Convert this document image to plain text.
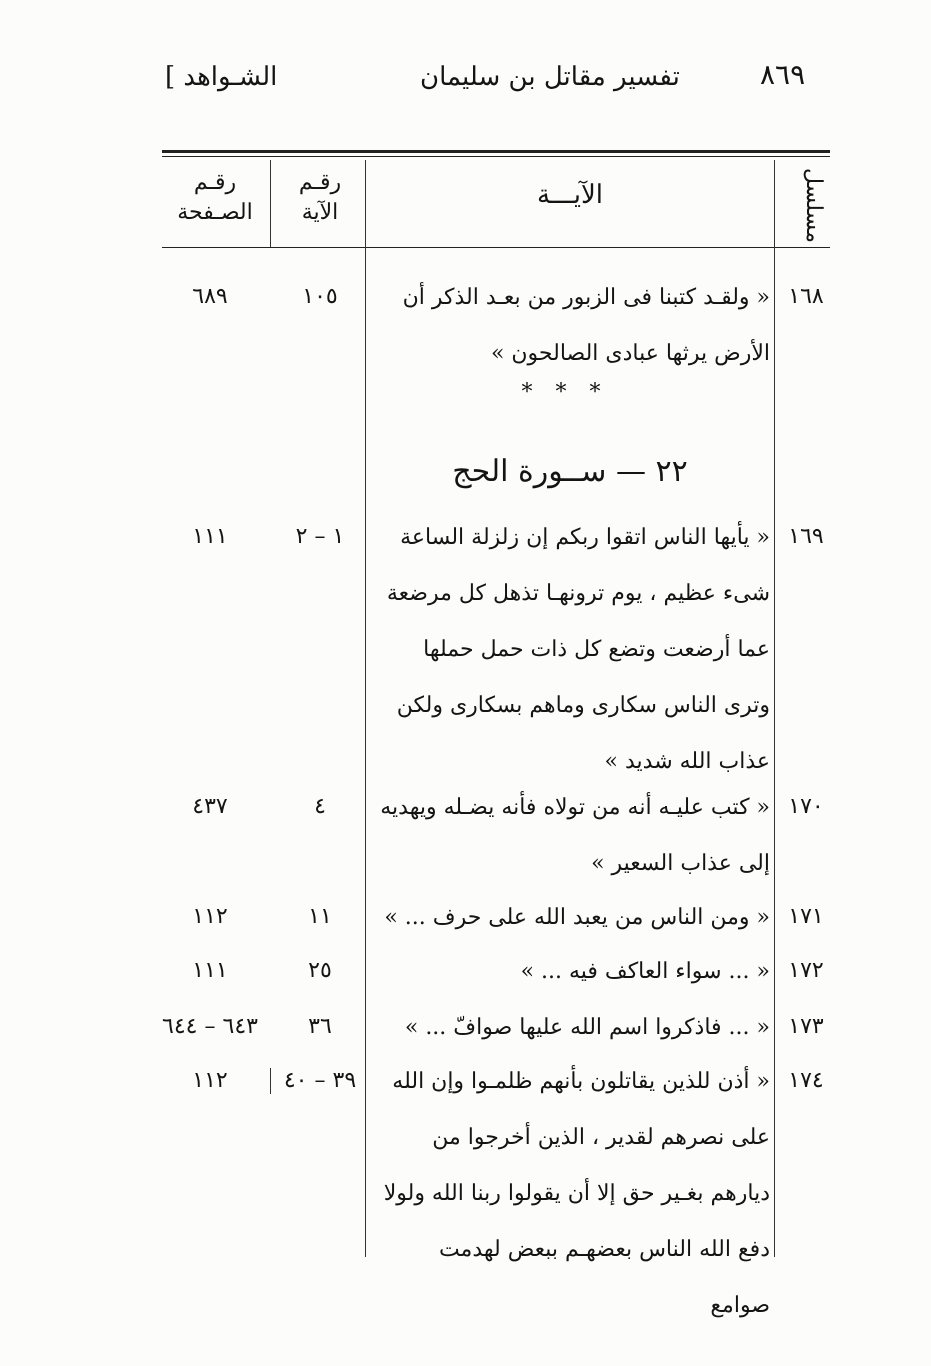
٨٦٩
تفسير مقاتل بن سليمان
[ الشـواهد
مسلسل
الآيـــة
رقـم الآية
رقـم الصـفحة
١٦٨
« ولقـد كتبنا فى الزبور من بعـد الذكر أن الأرض يرثها عبادى الصالحون »
١٠٥
٦٨٩
* * *
٢٢ — ســورة الحج
١٦٩
« يأيها الناس اتقوا ربكم إن زلزلة الساعة شىء عظيم ، يوم ترونهـا تذهل كل مرضعة عما أرضعت وتضع كل ذات حمل حملها وترى الناس سكارى وماهم بسكارى ولكن عذاب الله شديد »
١ – ٢
١١١
١٧٠
« كتب عليـه أنه من تولاه فأنه يضـله ويهديه إلى عذاب السعير »
٤
٤٣٧
١٧١
« ومن الناس من يعبد الله على حرف ... »
١١
١١٢
١٧٢
« ... سواء العاكف فيه ... »
٢٥
١١١
١٧٣
« ... فاذكروا اسم الله عليها صوافّ ... »
٣٦
٦٤٣ – ٦٤٤
١٧٤
« أذن للذين يقاتلون بأنهم ظلمـوا وإن الله على نصرهم لقدير ، الذين أخرجوا من ديارهم بغـير حق إلا أن يقولوا ربنا الله ولولا دفع الله الناس بعضهـم ببعض لهدمت صوامع
٣٩ – ٤٠
١١٢
